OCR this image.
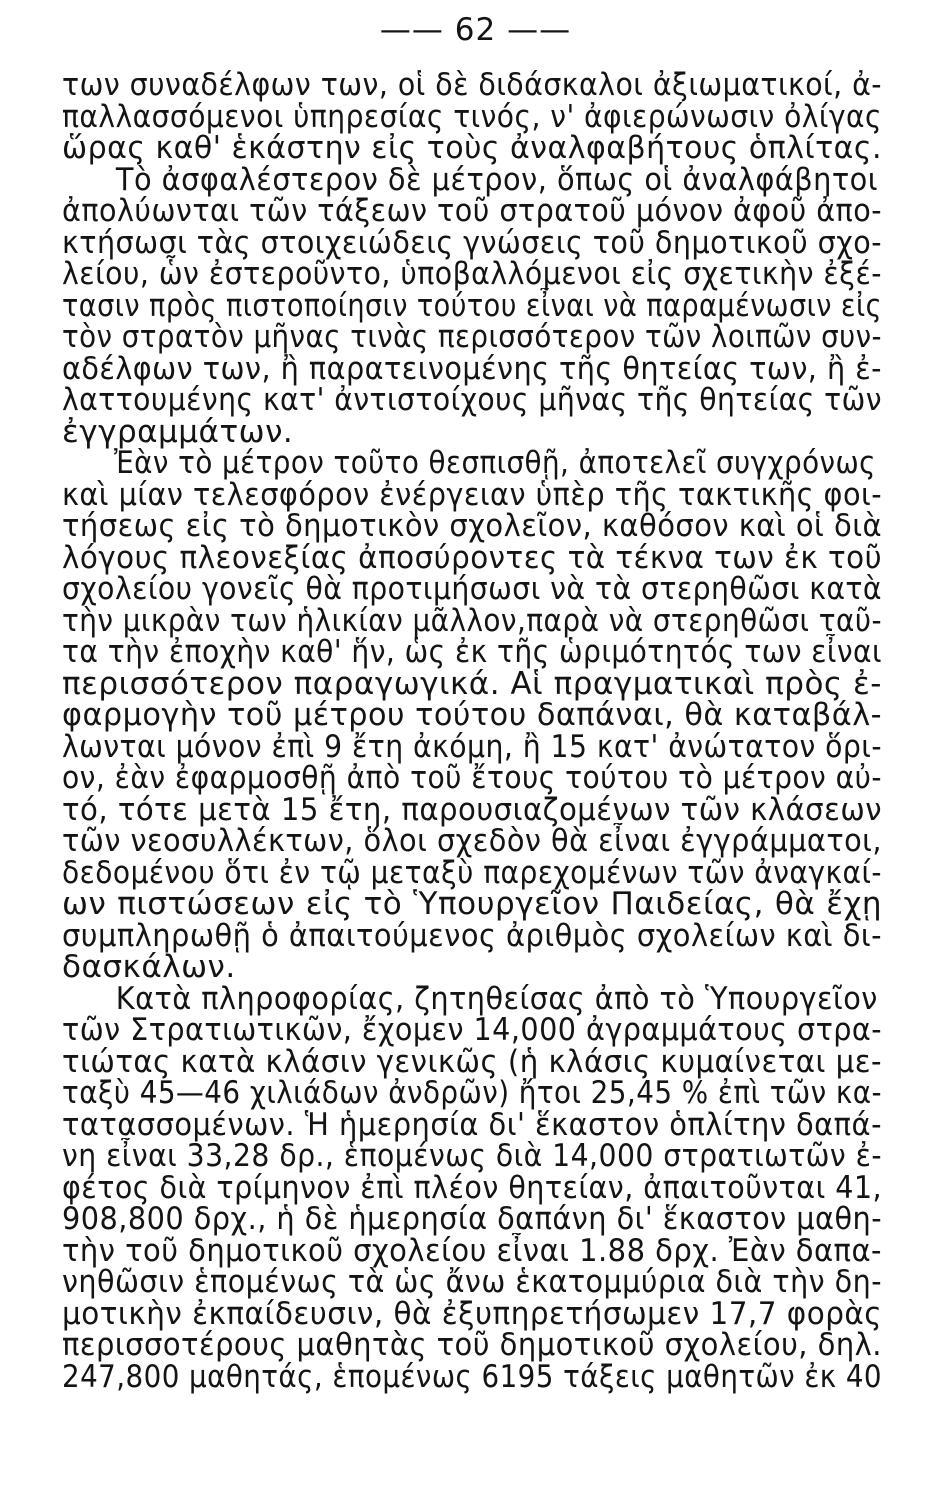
—— 62 ——
των συναδέλφων των, οἱ δὲ διδάσκαλοι ἀξιωματικοί, ἀ-
παλλασσόμενοι ὑπηρεσίας τινός, ν' ἀφιερώνωσιν ὀλίγας
ὥρας καθ' ἑκάστην εἰς τοὺς ἀναλφαβήτους ὁπλίτας.
Τὸ ἀσφαλέστερον δὲ μέτρον, ὅπως οἱ ἀναλφάβητοι
ἀπολύωνται τῶν τάξεων τοῦ στρατοῦ μόνον ἀφοῦ ἀπο-
κτήσωσι τὰς στοιχειώδεις γνώσεις τοῦ δημοτικοῦ σχο-
λείου, ὧν ἐστεροῦντο, ὑποβαλλόμενοι εἰς σχετικὴν ἐξέ-
τασιν πρὸς πιστοποίησιν τούτου εἶναι νὰ παραμένωσιν εἰς
τὸν στρατὸν μῆνας τινὰς περισσότερον τῶν λοιπῶν συν-
αδέλφων των, ἢ παρατεινομένης τῆς θητείας των, ἢ ἐ-
λαττουμένης κατ' ἀντιστοίχους μῆνας τῆς θητείας τῶν
ἐγγραμμάτων.
Ἐὰν τὸ μέτρον τοῦτο θεσπισθῇ, ἀποτελεῖ συγχρόνως
καὶ μίαν τελεσφόρον ἐνέργειαν ὑπὲρ τῆς τακτικῆς φοι-
τήσεως εἰς τὸ δημοτικὸν σχολεῖον, καθόσον καὶ οἱ διὰ
λόγους πλεονεξίας ἀποσύροντες τὰ τέκνα των ἐκ τοῦ
σχολείου γονεῖς θὰ προτιμήσωσι νὰ τὰ στερηθῶσι κατὰ
τὴν μικρὰν των ἡλικίαν μᾶλλον,παρὰ νὰ στερηθῶσι ταῦ-
τα τὴν ἐποχὴν καθ' ἥν, ὡς ἐκ τῆς ὡριμότητός των εἶναι
περισσότερον παραγωγικά. Αἱ πραγματικαὶ πρὸς ἐ-
φαρμογὴν τοῦ μέτρου τούτου δαπάναι, θὰ καταβάλ-
λωνται μόνον ἐπὶ 9 ἔτη ἀκόμη, ἢ 15 κατ' ἀνώτατον ὅρι-
ον, ἐὰν ἐφαρμοσθῇ ἀπὸ τοῦ ἔτους τούτου τὸ μέτρον αὐ-
τό, τότε μετὰ 15 ἔτη, παρουσιαζομένων τῶν κλάσεων
τῶν νεοσυλλέκτων, ὅλοι σχεδὸν θὰ εἶναι ἐγγράμματοι,
δεδομένου ὅτι ἐν τῷ μεταξὺ παρεχομένων τῶν ἀναγκαί-
ων πιστώσεων εἰς τὸ Ὑπουργεῖον Παιδείας, θὰ ἔχῃ
συμπληρωθῇ ὁ ἀπαιτούμενος ἀριθμὸς σχολείων καὶ δι-
δασκάλων.
Κατὰ πληροφορίας, ζητηθείσας ἀπὸ τὸ Ὑπουργεῖον
τῶν Στρατιωτικῶν, ἔχομεν 14,000 ἀγραμμάτους στρα-
τιώτας κατὰ κλάσιν γενικῶς (ἡ κλάσις κυμαίνεται με-
ταξὺ 45—46 χιλιάδων ἀνδρῶν) ἤτοι 25,45 % ἐπὶ τῶν κα-
τατασσομένων. Ἡ ἡμερησία δι' ἕκαστον ὁπλίτην δαπά-
νη εἶναι 33,28 δρ., ἑπομένως διὰ 14,000 στρατιωτῶν ἐ-
φέτος διὰ τρίμηνον ἐπὶ πλέον θητείαν, ἀπαιτοῦνται 41,
908,800 δρχ., ἡ δὲ ἡμερησία δαπάνη δι' ἕκαστον μαθη-
τὴν τοῦ δημοτικοῦ σχολείου εἶναι 1.88 δρχ. Ἐὰν δαπα-
νηθῶσιν ἑπομένως τὰ ὡς ἄνω ἑκατομμύρια διὰ τὴν δη-
μοτικὴν ἐκπαίδευσιν, θὰ ἐξυπηρετήσωμεν 17,7 φορὰς
περισσοτέρους μαθητὰς τοῦ δημοτικοῦ σχολείου, δηλ.
247,800 μαθητάς, ἑπομένως 6195 τάξεις μαθητῶν ἐκ 40
